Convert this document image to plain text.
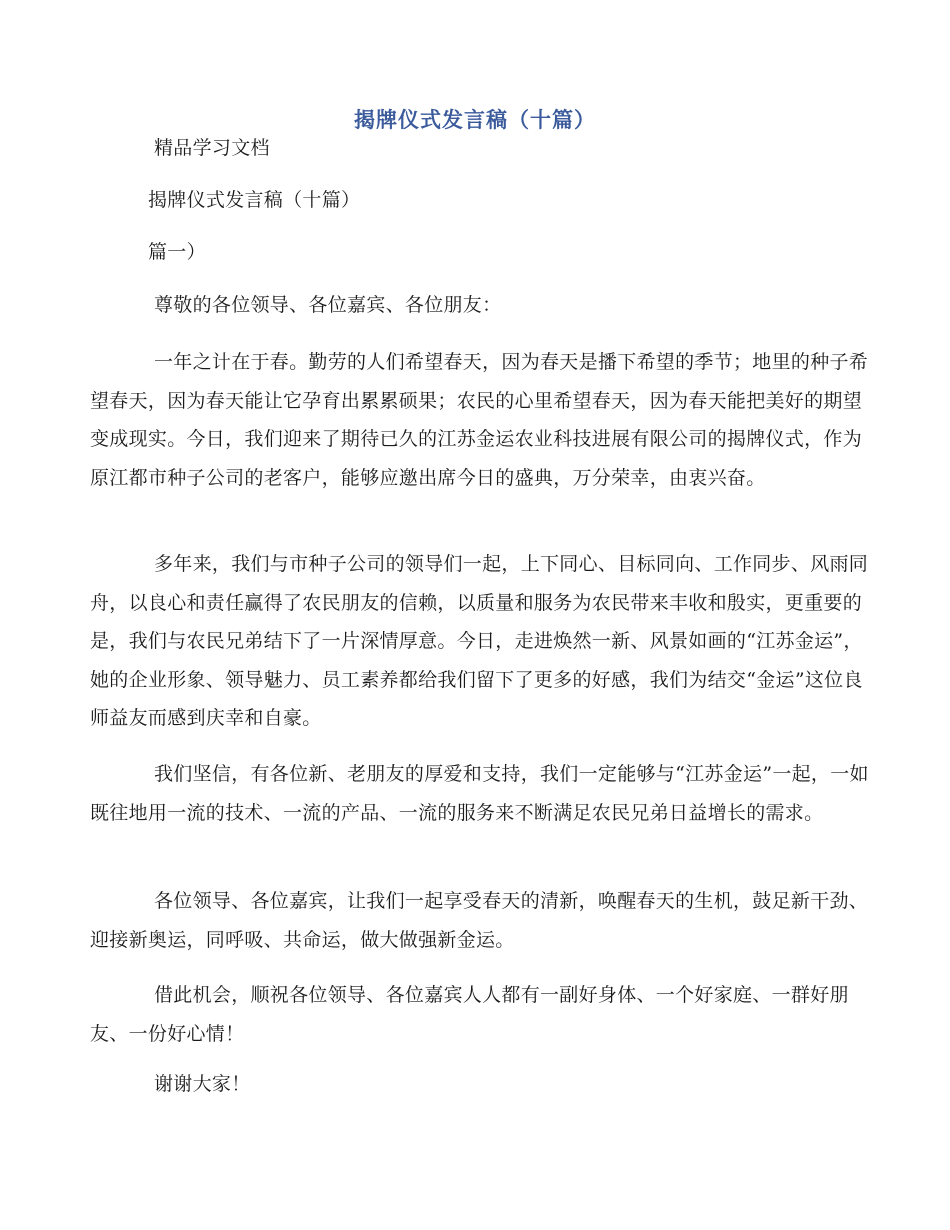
揭牌仪式发言稿（十篇）
精品学习文档
揭牌仪式发言稿（十篇）
篇一）
尊敬的各位领导、各位嘉宾、各位朋友：
一年之计在于春。勤劳的人们希望春天，因为春天是播下希望的季节；地里的种子希望春天，因为春天能让它孕育出累累硕果；农民的心里希望春天，因为春天能把美好的期望变成现实。今日，我们迎来了期待已久的江苏金运农业科技进展有限公司的揭牌仪式，作为原江都市种子公司的老客户，能够应邀出席今日的盛典，万分荣幸，由衷兴奋。
多年来，我们与市种子公司的领导们一起，上下同心、目标同向、工作同步、风雨同舟，以良心和责任赢得了农民朋友的信赖，以质量和服务为农民带来丰收和殷实，更重要的是，我们与农民兄弟结下了一片深情厚意。今日，走进焕然一新、风景如画的“江苏金运”，她的企业形象、领导魅力、员工素养都给我们留下了更多的好感，我们为结交“金运”这位良师益友而感到庆幸和自豪。
我们坚信，有各位新、老朋友的厚爱和支持，我们一定能够与“江苏金运”一起，一如既往地用一流的技术、一流的产品、一流的服务来不断满足农民兄弟日益增长的需求。
各位领导、各位嘉宾，让我们一起享受春天的清新，唤醒春天的生机，鼓足新干劲、迎接新奥运，同呼吸、共命运，做大做强新金运。
借此机会，顺祝各位领导、各位嘉宾人人都有一副好身体、一个好家庭、一群好朋友、一份好心情！
谢谢大家！
